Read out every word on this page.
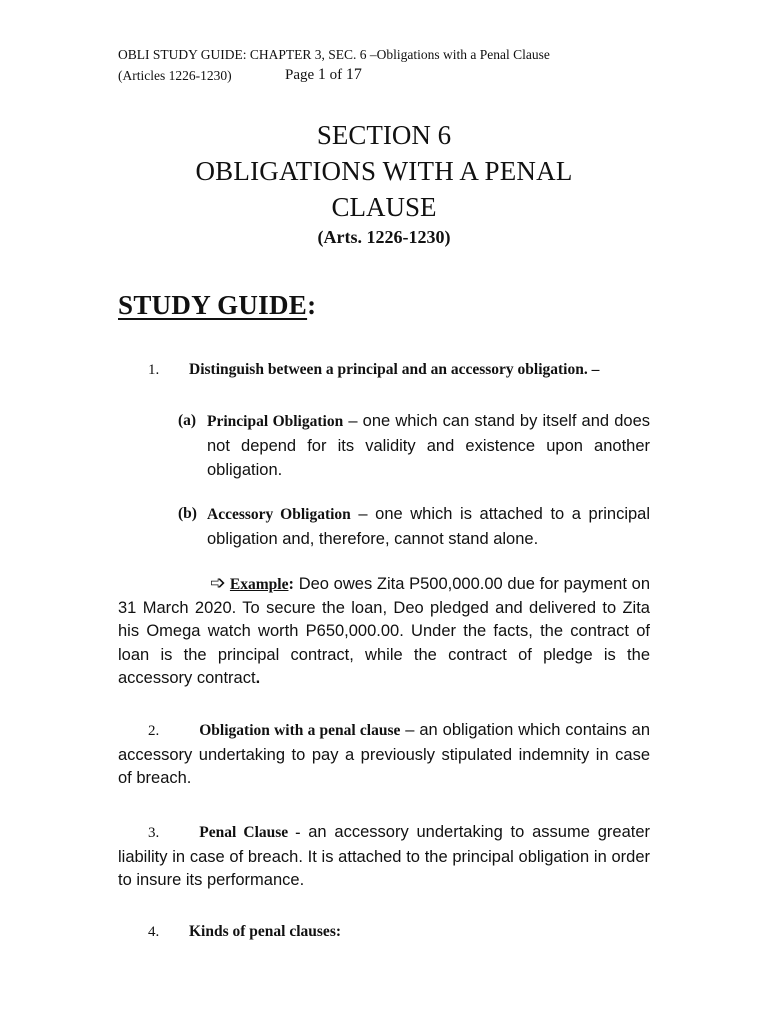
OBLI STUDY GUIDE: CHAPTER 3, SEC. 6 –Obligations with a Penal Clause
(Articles 1226-1230)	Page 1 of 17
SECTION 6
OBLIGATIONS WITH A PENAL
CLAUSE
(Arts. 1226-1230)
STUDY GUIDE:
1. Distinguish between a principal and an accessory obligation. –
(a) Principal Obligation – one which can stand by itself and does not depend for its validity and existence upon another obligation.
(b) Accessory Obligation – one which is attached to a principal obligation and, therefore, cannot stand alone.
➩ Example: Deo owes Zita P500,000.00 due for payment on 31 March 2020. To secure the loan, Deo pledged and delivered to Zita his Omega watch worth P650,000.00. Under the facts, the contract of loan is the principal contract, while the contract of pledge is the accessory contract.
2.	Obligation with a penal clause – an obligation which contains an accessory undertaking to pay a previously stipulated indemnity in case of breach.
3.	Penal Clause - an accessory undertaking to assume greater liability in case of breach. It is attached to the principal obligation in order to insure its performance.
4. Kinds of penal clauses:
